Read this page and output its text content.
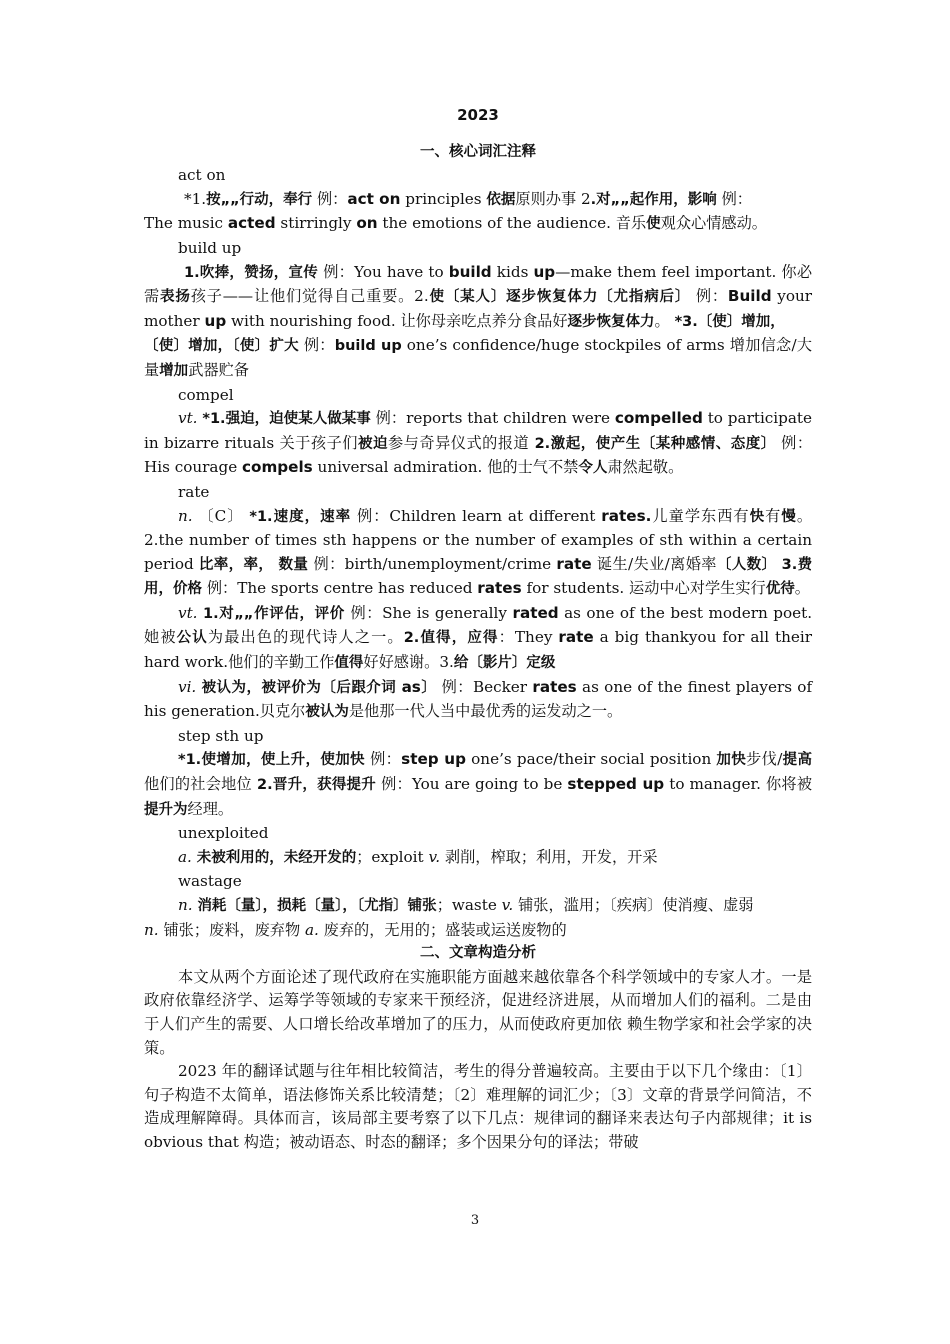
2023

一、核心词汇注释

act on

*1.按„„行动，奉行 例：act on principles 依据原则办事 2.对„„起作用，影响 例：

The music acted stirringly on the emotions of the audience. 音乐使观众心情感动。

build up

1.吹捧，赞扬，宣传 例：You have to build kids up—make them feel important. 你必需表扬孩子——让他们觉得自己重要。2.使〔某人〕逐步恢复体力〔尤指病后〕 例：Build your mother up with nourishing food. 让你母亲吃点养分食品好逐步恢复体力。 *3.〔使〕增加，

〔使〕增加，〔使〕扩大 例：build up one’s confidence/huge stockpiles of arms 增加信念/大量增加武器贮备

compel

vt. *1.强迫，迫使某人做某事 例：reports that children were compelled to participate in bizarre rituals 关于孩子们被迫参与奇异仪式的报道 2.激起，使产生〔某种感情、态度〕 例： His courage compels universal admiration. 他的士气不禁令人肃然起敬。

rate

n. 〔C〕 *1.速度，速率 例：Children learn at different rates.儿童学东西有快有慢。2.the number of times sth happens or the number of examples of sth within a certain period 比率，率， 数量 例：birth/unemployment/crime rate 诞生/失业/离婚率〔人数〕 3.费用，价格 例：The sports centre has reduced rates for students. 运动中心对学生实行优待。

vt. 1.对„„作评估，评价 例：She is generally rated as one of the best modern poet. 她被公认为最出色的现代诗人之一。2.值得，应得：They rate a big thankyou for all their hard work.他们的辛勤工作值得好好感谢。3.给〔影片〕定级

vi. 被认为，被评价为〔后跟介词 as〕 例：Becker rates as one of the finest players of his generation.贝克尔被认为是他那一代人当中最优秀的运发动之一。

step sth up

*1.使增加，使上升，使加快 例：step up one’s pace/their social position 加快步伐/提高他们的社会地位 2.晋升，获得提升 例：You are going to be stepped up to manager. 你将被提升为经理。

unexploited

a. 未被利用的，未经开发的；exploit v. 剥削，榨取；利用，开发，开采

wastage

n. 消耗〔量〕，损耗〔量〕，〔尤指〕铺张；waste v. 铺张，滥用；〔疾病〕使消瘦、虚弱

n. 铺张；废料，废弃物 a. 废弃的，无用的；盛装或运送废物的

二、文章构造分析

本文从两个方面论述了现代政府在实施职能方面越来越依靠各个科学领域中的专家人才。一是政府依靠经济学、运筹学等领域的专家来干预经济，促进经济进展，从而增加人们的福利。二是由于人们产生的需要、人口增长给改革增加了的压力，从而使政府更加依 赖生物学家和社会学家的决策。

2023 年的翻译试题与往年相比较简洁，考生的得分普遍较高。主要由于以下几个缘由：〔1〕句子构造不太简单，语法修饰关系比较清楚；〔2〕难理解的词汇少；〔3〕文章的背景学问简洁，不造成理解障碍。具体而言，该局部主要考察了以下几点：规律词的翻译来表达句子内部规律；it is obvious that 构造；被动语态、时态的翻译；多个因果分句的译法；带破

3
